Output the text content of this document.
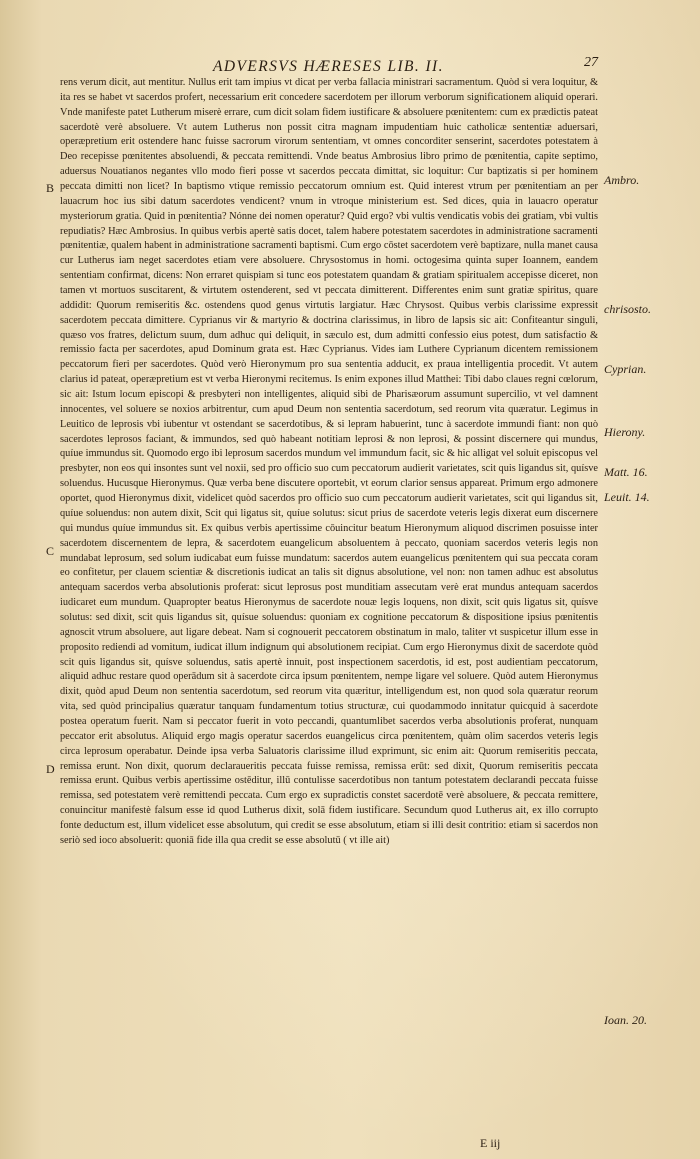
ADVERSVS HÆRESES LIB. II.	27

rens verum dicit, aut mentitur. Nullus erit tam impius vt dicat per verba fallacia ministrari sacramentum. Quòd si vera loquitur, & ita res se habet vt sacerdos profert, necessarium erit concedere sacerdotem per illorum verborum significationem aliquid operari. Vnde manifeste patet Lutherum miserè errare, cum dicit solam fidem iustificare & absoluere pœnitentem: cum ex prædictis pateat sacerdotè verè absoluere. Vt autem Lutherus non possit citra magnam impudentiam huic catholicæ sententiæ aduersari, operæpretium erit ostendere hanc fuisse sacrorum virorum sententiam, vt omnes concorditer senserint, sacerdotes potestatem à Deo recepisse pœnitentes absoluendi, & peccata remittendi. Vnde beatus Ambrosius libro primo de pœnitentia, capite septimo, aduersus Nouatianos negantes vllo modo fieri posse vt sacerdos peccata dimittat, sic loquitur: Cur baptizatis si per hominem peccata dimitti non licet? In baptismo vtique remissio peccatorum omnium est. Quid interest vtrum per pœnitentiam an per lauacrum hoc ius sibi datum sacerdotes vendicent? vnum in vtroque ministerium est. Sed dices, quia in lauacro operatur mysteriorum gratia. Quid in pœnitentia? Nónne dei nomen operatur? Quid ergo? vbi vultis vendicatis vobis dei gratiam, vbi vultis repudiatis? Hæc Ambrosius. In quibus verbis apertè satis docet, talem habere potestatem sacerdotes in administratione sacramenti pœnitentiæ, qualem habent in administratione sacramenti baptismi. Cum ergo cōstet sacerdotem verè baptizare, nulla manet causa cur Lutherus iam neget sacerdotes etiam vere absoluere. Chrysostomus in homi. octogesima quinta super Ioannem, eandem sententiam confirmat, dicens: Non erraret quispiam si tunc eos potestatem quandam & gratiam spiritualem accepisse diceret, non tamen vt mortuos suscitarent, & virtutem ostenderent, sed vt peccata dimitterent. Differentes enim sunt gratiæ spiritus, quare addidit: Quorum remiseritis &c. ostendens quod genus virtutis largiatur. Hæc Chrysost. Quibus verbis clarissime expressit sacerdotem peccata dimittere. Cyprianus vir & martyrio & doctrina clarissimus, in libro de lapsis sic ait: Confiteantur singuli, quæso vos fratres, delictum suum, dum adhuc qui deliquit, in sæculo est, dum admitti confessio eius potest, dum satisfactio & remissio facta per sacerdotes, apud Dominum grata est. Hæc Cyprianus. Vides iam Luthere Cyprianum dicentem remissionem peccatorum fieri per sacerdotes. Quòd verò Hieronymum pro sua sententia adducit, ex praua intelligentia procedit. Vt autem clarius id pateat, operæpretium est vt verba Hieronymi recitemus. Is enim expones illud Matthei: Tibi dabo claues regni cœlorum, sic ait: Istum locum episcopi & presbyteri non intelligentes, aliquid sibi de Pharisæorum assumunt supercilio, vt vel damnent innocentes, vel soluere se noxios arbitrentur, cum apud Deum non sententia sacerdotum, sed reorum vita quæratur. Legimus in Leuitico de leprosis vbi iubentur vt ostendant se sacerdotibus, & si lepram habuerint, tunc à sacerdote immundi fiant: non quò sacerdotes leprosos faciant, & immundos, sed quò habeant notitiam leprosi & non leprosi, & possint discernere qui mundus, quíue immundus sit. Quomodo ergo ibi leprosum sacerdos mundum vel immundum facit, sic & hic alligat vel soluit episcopus vel presbyter, non eos qui insontes sunt vel noxii, sed pro officio suo cum peccatorum audierit varietates, scit quis ligandus sit, quísve soluendus. Hucusque Hieronymus. Quæ verba bene discutere oportebit, vt eorum clarior sensus appareat. Primum ergo admonere oportet, quod Hieronymus dixit, videlicet quòd sacerdos pro officio suo cum peccatorum audierit varietates, scit qui ligandus sit, quíue soluendus: non autem dixit, Scit qui ligatus sit, quíue solutus: sicut prius de sacerdote veteris legis dixerat eum discernere qui mundus quíue immundus sit. Ex quibus verbis apertissime cōuincitur beatum Hieronymum aliquod discrimen posuisse inter sacerdotem discernentem de lepra, & sacerdotem euangelicum absoluentem à peccato, quoniam sacerdos veteris legis non mundabat leprosum, sed solum iudicabat eum fuisse mundatum: sacerdos autem euangelicus pœnitentem qui sua peccata coram eo confitetur, per clauem scientiæ & discretionis iudicat an talis sit dignus absolutione, vel non: non tamen adhuc est absolutus antequam sacerdos verba absolutionis proferat: sicut leprosus post munditiam assecutam verè erat mundus antequam sacerdos iudicaret eum mundum. Quapropter beatus Hieronymus de sacerdote nouæ legis loquens, non dixit, scit quis ligatus sit, quísve solutus: sed dixit, scit quis ligandus sit, quísue soluendus: quoniam ex cognitione peccatorum & dispositione ipsius pœnitentis agnoscit vtrum absoluere, aut ligare debeat. Nam si cognouerit peccatorem obstinatum in malo, taliter vt suspicetur illum esse in proposito rediendi ad vomitum, iudicat illum indignum qui absolutionem recipiat. Cum ergo Hieronymus dixit de sacerdote quòd scit quis ligandus sit, quísve soluendus, satis apertè innuit, post inspectionem sacerdotis, id est, post audientiam peccatorum, aliquid adhuc restare quod operādum sit à sacerdote circa ipsum pœnitentem, nempe ligare vel soluere. Quòd autem Hieronymus dixit, quòd apud Deum non sententia sacerdotum, sed reorum vita quæritur, intelligendum est, non quod sola quæratur reorum vita, sed quòd principalius quæratur tanquam fundamentum totius structuræ, cui quodammodo innitatur quicquid à sacerdote postea operatum fuerit. Nam si peccator fuerit in voto peccandi, quantumlibet sacerdos verba absolutionis proferat, nunquam peccator erit absolutus. Aliquid ergo magis operatur sacerdos euangelicus circa pœnitentem, quàm olim sacerdos veteris legis circa leprosum operabatur. Deinde ipsa verba Saluatoris clarissime illud exprimunt, sic enim ait: Quorum remiseritis peccata, remissa erunt. Non dixit, quorum declaraueritis peccata fuisse remissa, remissa erūt: sed dixit, Quorum remiseritis peccata remissa erunt. Quibus verbis apertissime ostēditur, illū contulisse sacerdotibus non tantum potestatem declarandi peccata fuisse remissa, sed potestatem verè remittendi peccata. Cum ergo ex supradictis constet sacerdotē verè absoluere, & peccata remittere, conuincitur manifestè falsum esse id quod Lutherus dixit, solā fidem iustificare. Secundum quod Lutherus ait, ex illo corrupto fonte deductum est, illum videlicet esse absolutum, qui credit se esse absolutum, etiam si illi desit contritio: etiam si sacerdos non seriò sed ioco absoluerit: quoniā fide illa qua credit se esse absolutū ( vt ille ait)

B
C
D
Ambro.
chrisosto.
Cyprian.
Hierony.
Matt. 16.
Leuit. 14.
Ioan. 20.
E iij
